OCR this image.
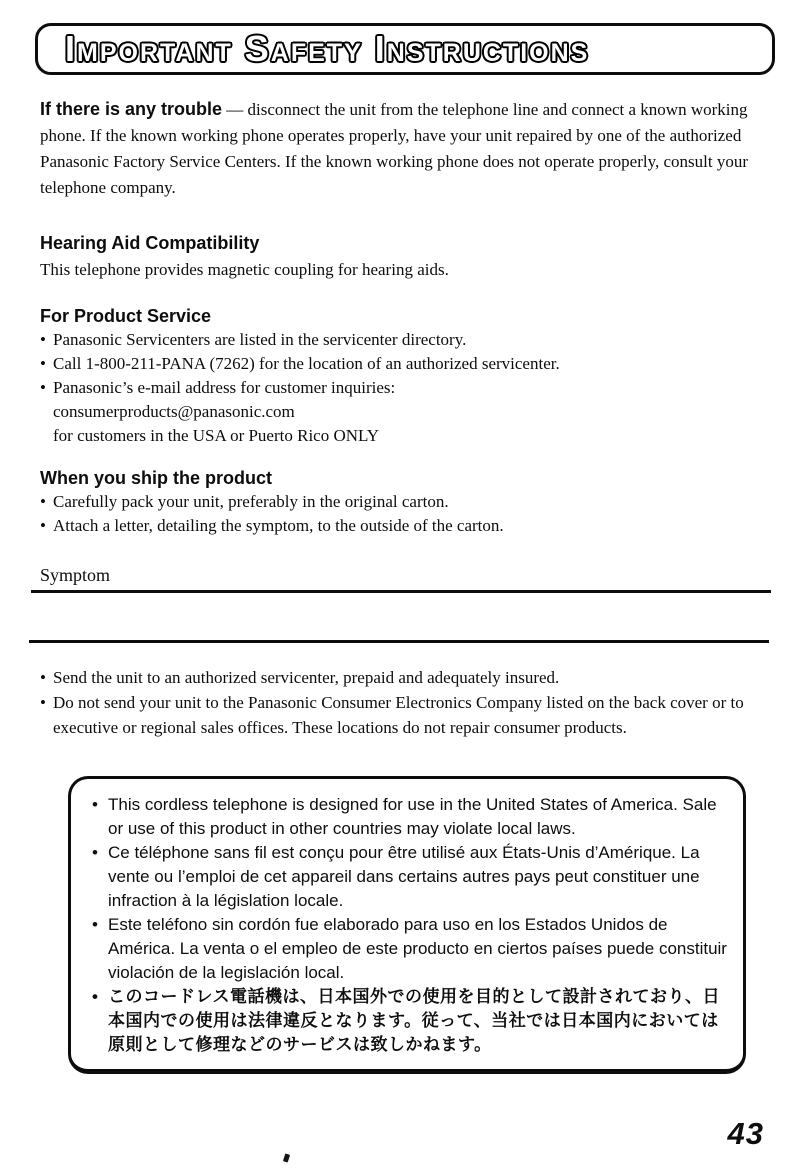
Important Safety Instructions

If there is any trouble — disconnect the unit from the telephone line and connect a known working phone. If the known working phone operates properly, have your unit repaired by one of the authorized Panasonic Factory Service Centers. If the known working phone does not operate properly, consult your telephone company.

Hearing Aid Compatibility

This telephone provides magnetic coupling for hearing aids.

For Product Service
• Panasonic Servicenters are listed in the servicenter directory.
• Call 1-800-211-PANA (7262) for the location of an authorized servicenter.
• Panasonic’s e-mail address for customer inquiries:
consumerproducts@panasonic.com
for customers in the USA or Puerto Rico ONLY
When you ship the product
• Carefully pack your unit, preferably in the original carton.
• Attach a letter, detailing the symptom, to the outside of the carton.
Symptom
• Send the unit to an authorized servicenter, prepaid and adequately insured.
• Do not send your unit to the Panasonic Consumer Electronics Company listed on the back cover or to executive or regional sales offices. These locations do not repair consumer products.
• This cordless telephone is designed for use in the United States of America. Sale or use of this product in other countries may violate local laws.
• Ce téléphone sans fil est conçu pour être utilisé aux États-Unis d’Amérique. La vente ou l’emploi de cet appareil dans certains autres pays peut constituer une infraction à la législation locale.
• Este teléfono sin cordón fue elaborado para uso en los Estados Unidos de América. La venta o el empleo de este producto en ciertos países puede constituir violación de la legislación local.
• このコードレス電話機は、日本国外での使用を目的として設計されており、日本国内での使用は法律違反となります。従って、当社では日本国内においては原則として修理などのサービスは致しかねます。
43
